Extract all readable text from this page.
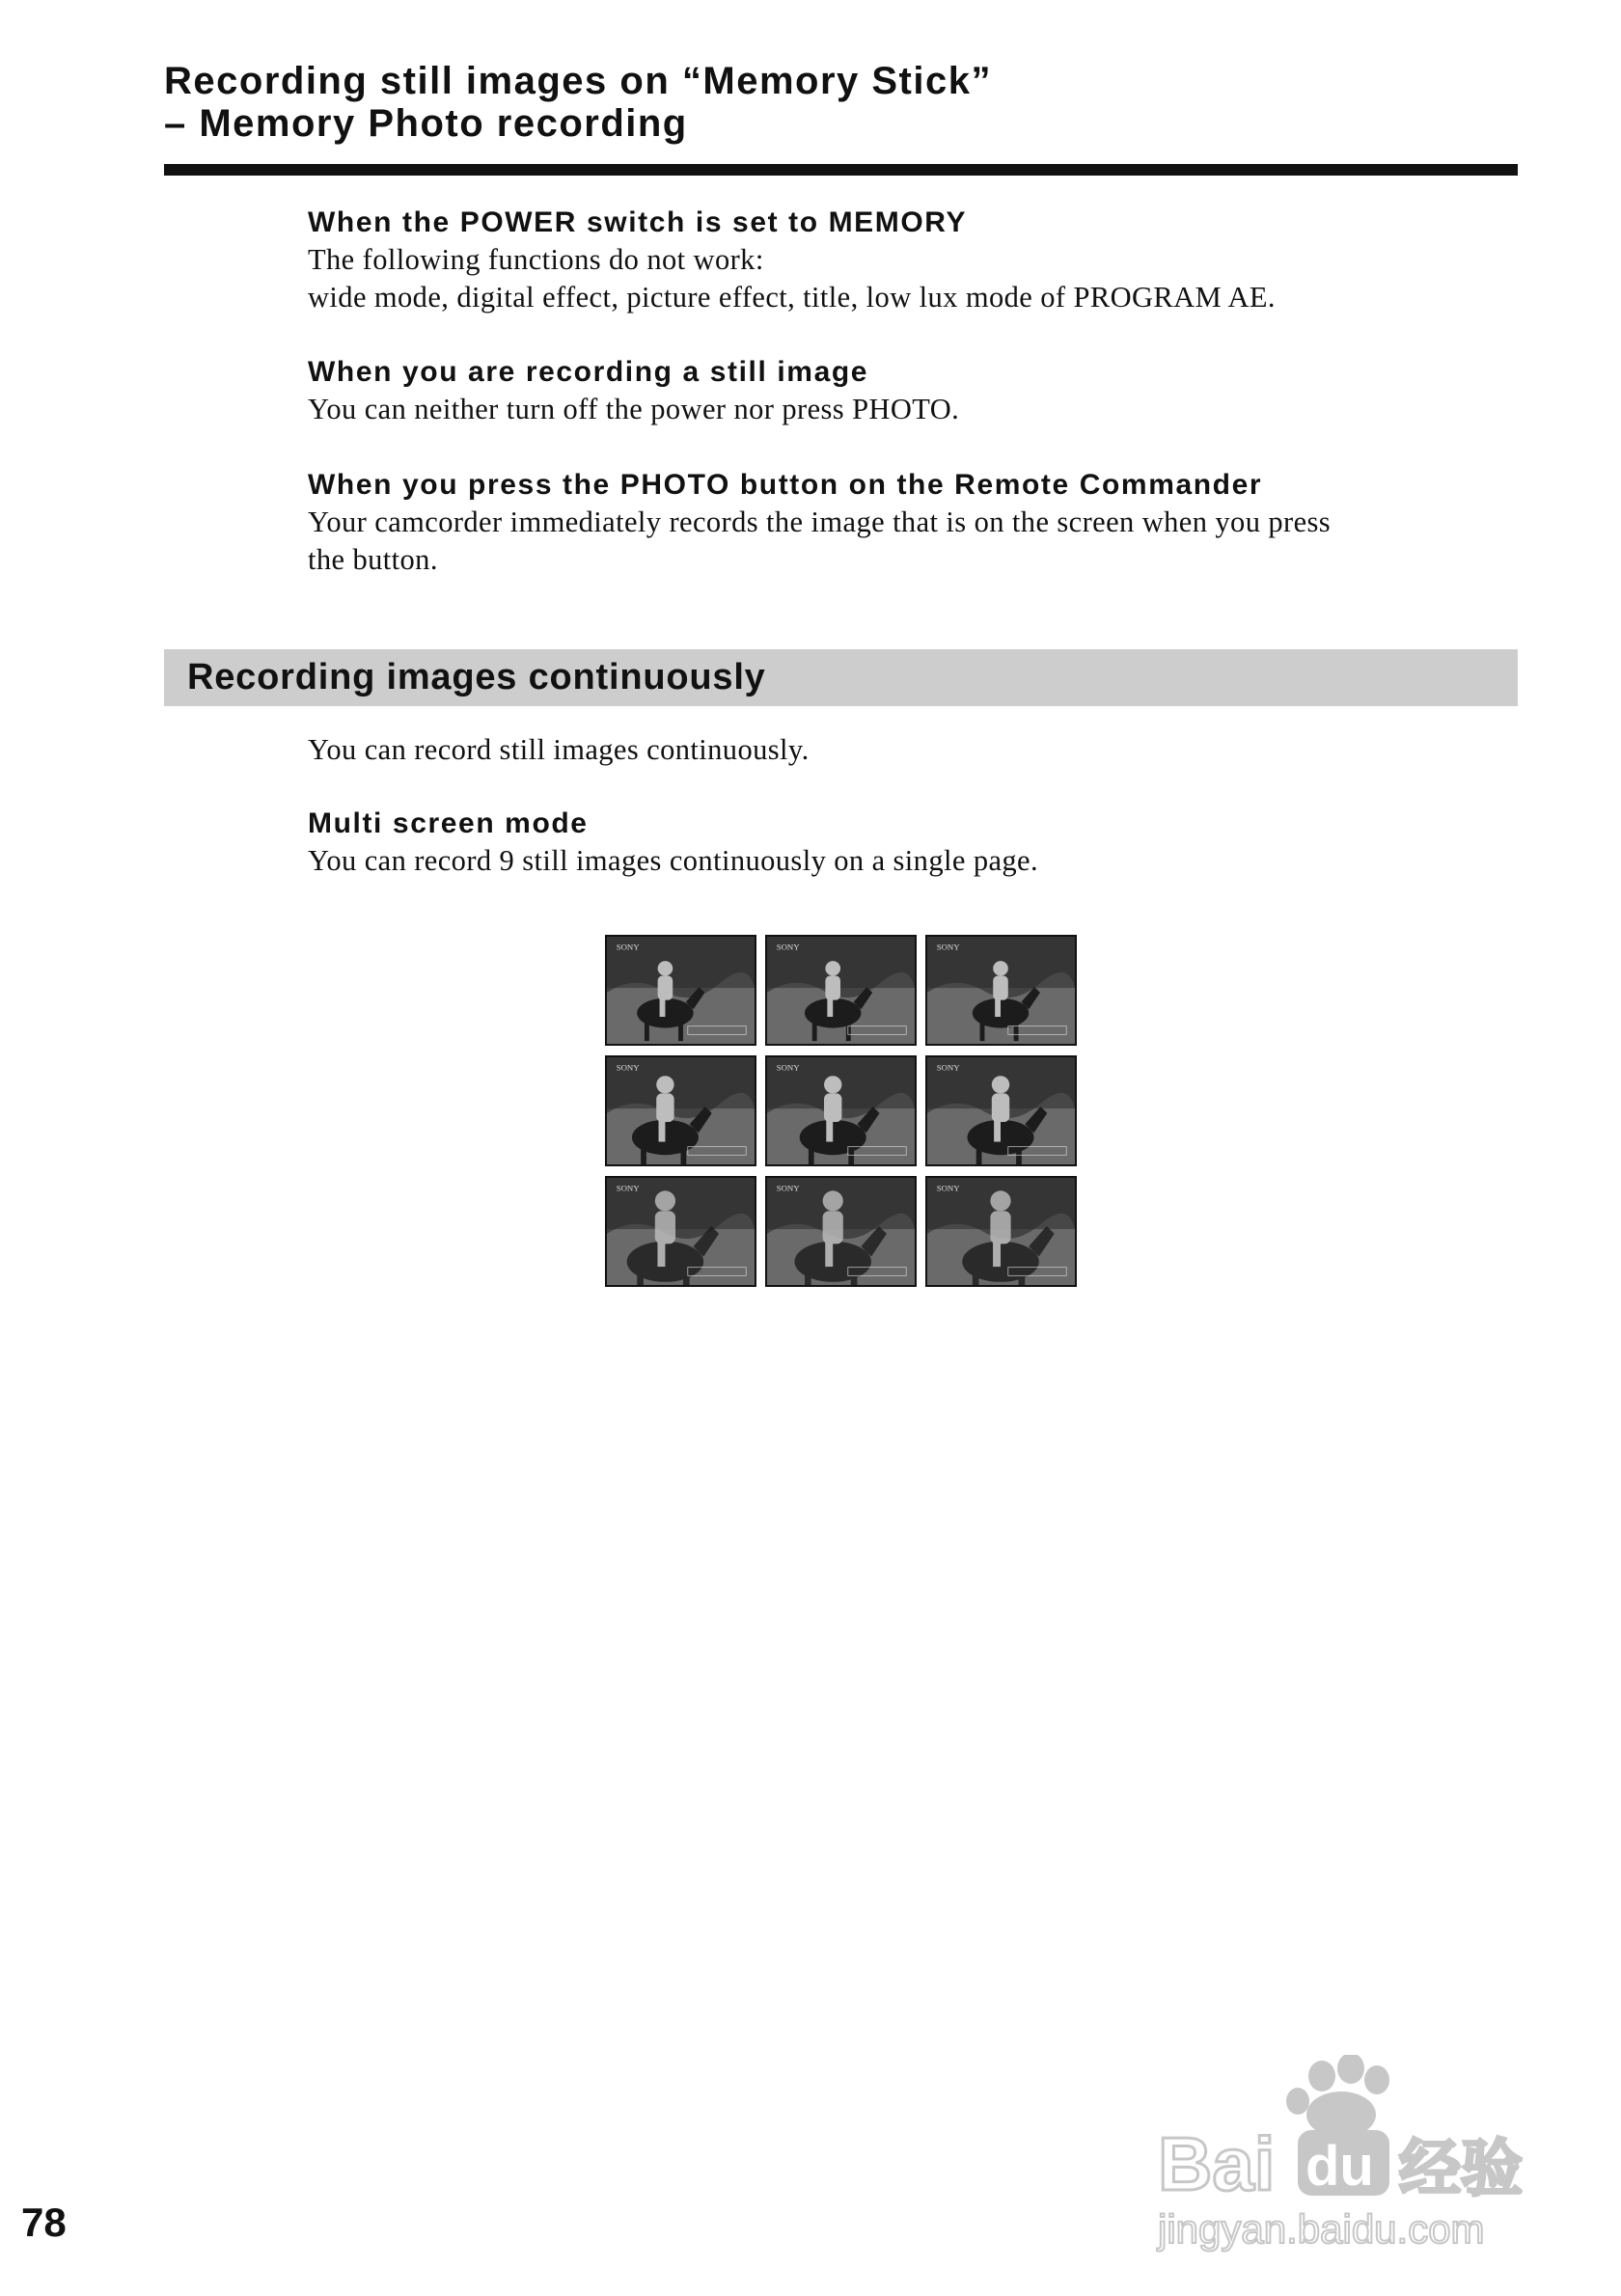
Recording still images on “Memory Stick”
– Memory Photo recording
When the POWER switch is set to MEMORY
The following functions do not work:
wide mode, digital effect, picture effect, title, low lux mode of PROGRAM AE.
When you are recording a still image
You can neither turn off the power nor press PHOTO.
When you press the PHOTO button on the Remote Commander
Your camcorder immediately records the image that is on the screen when you press
the button.
Recording images continuously
You can record still images continuously.
Multi screen mode
You can record 9 still images continuously on a single page.
SONY	SONY	SONY
SONY	SONY	SONY
SONY	SONY	SONY
78
Bai du 经验
jingyan.baidu.com
